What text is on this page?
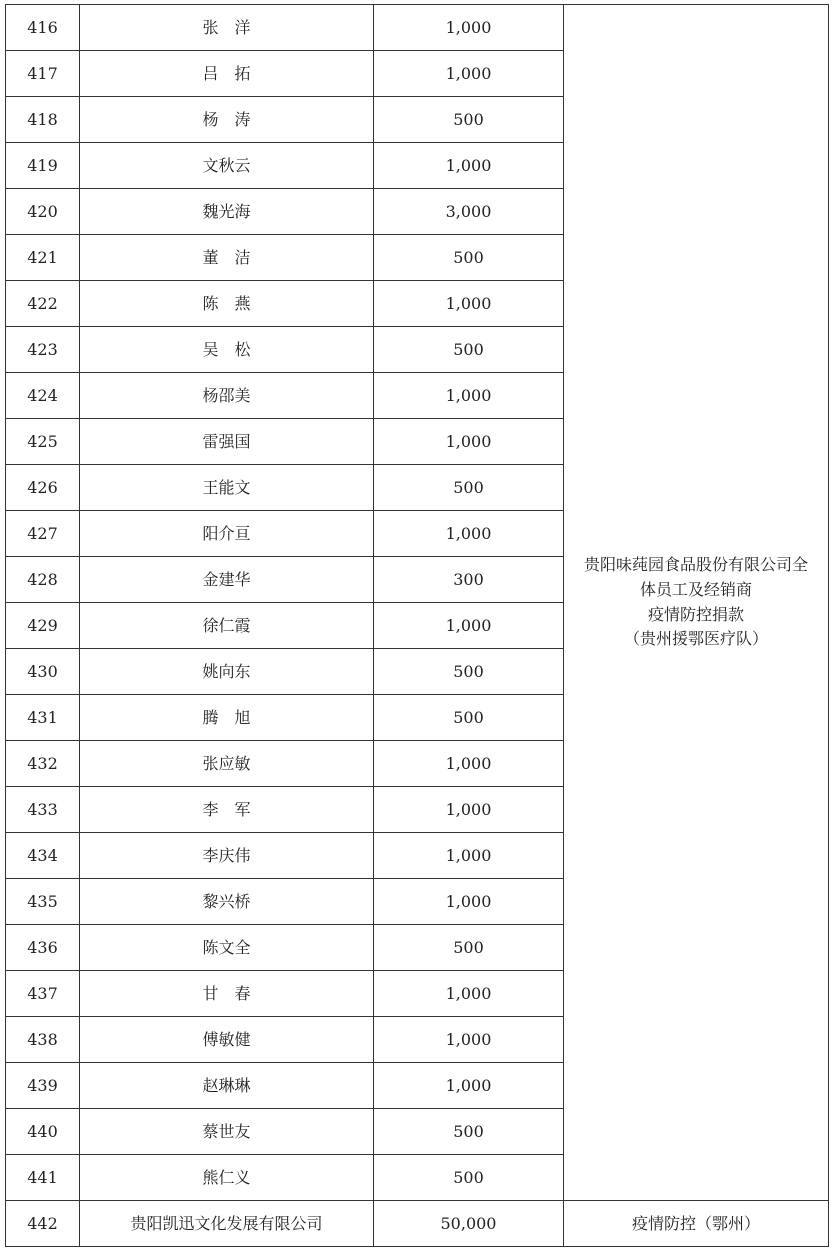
416	张　洋	1,000	贵阳味莼园食品股份有限公司全
体员工及经销商
疫情防控捐款
（贵州援鄂医疗队）

417	吕　拓	1,000	
418	杨　涛	500	
419	文秋云	1,000	
420	魏光海	3,000	
421	董　洁	500	
422	陈　燕	1,000	
423	吴　松	500	
424	杨邵美	1,000	
425	雷强国	1,000	
426	王能文	500	
427	阳介亘	1,000	
428	金建华	300	
429	徐仁霞	1,000	
430	姚向东	500	
431	腾　旭	500	
432	张应敏	1,000	
433	李　军	1,000	
434	李庆伟	1,000	
435	黎兴桥	1,000	
436	陈文全	500	
437	甘　春	1,000	
438	傅敏健	1,000	
439	赵琳琳	1,000	
440	蔡世友	500	
441	熊仁义	500	
442	贵阳凯迅文化发展有限公司	50,000	疫情防控（鄂州）
